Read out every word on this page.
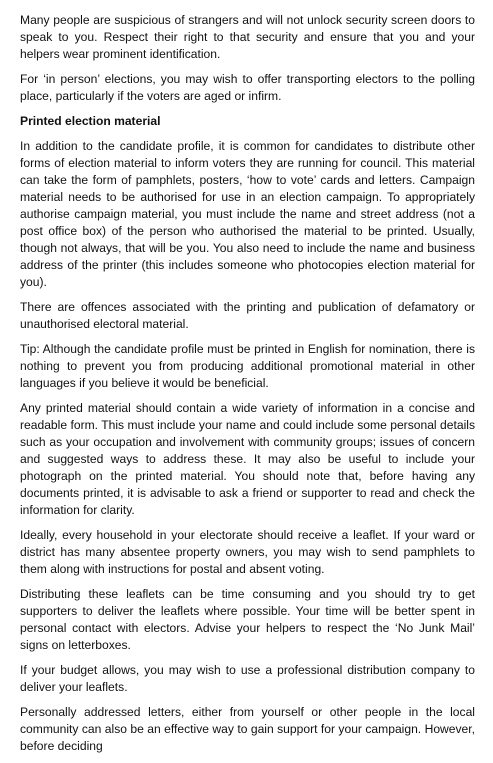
Many people are suspicious of strangers and will not unlock security screen doors to speak to you. Respect their right to that security and ensure that you and your helpers wear prominent identification.

For ‘in person’ elections, you may wish to offer transporting electors to the polling place, particularly if the voters are aged or infirm.

Printed election material

In addition to the candidate profile, it is common for candidates to distribute other forms of election material to inform voters they are running for council. This material can take the form of pamphlets, posters, ‘how to vote’ cards and letters. Campaign material needs to be authorised for use in an election campaign. To appropriately authorise campaign material, you must include the name and street address (not a post office box) of the person who authorised the material to be printed. Usually, though not always, that will be you. You also need to include the name and business address of the printer (this includes someone who photocopies election material for you).

There are offences associated with the printing and publication of defamatory or unauthorised electoral material.

Tip: Although the candidate profile must be printed in English for nomination, there is nothing to prevent you from producing additional promotional material in other languages if you believe it would be beneficial.

Any printed material should contain a wide variety of information in a concise and readable form. This must include your name and could include some personal details such as your occupation and involvement with community groups; issues of concern and suggested ways to address these. It may also be useful to include your photograph on the printed material. You should note that, before having any documents printed, it is advisable to ask a friend or supporter to read and check the information for clarity.

Ideally, every household in your electorate should receive a leaflet. If your ward or district has many absentee property owners, you may wish to send pamphlets to them along with instructions for postal and absent voting.

Distributing these leaflets can be time consuming and you should try to get supporters to deliver the leaflets where possible. Your time will be better spent in personal contact with electors. Advise your helpers to respect the ‘No Junk Mail’ signs on letterboxes.

If your budget allows, you may wish to use a professional distribution company to deliver your leaflets.

Personally addressed letters, either from yourself or other people in the local community can also be an effective way to gain support for your campaign. However, before deciding
